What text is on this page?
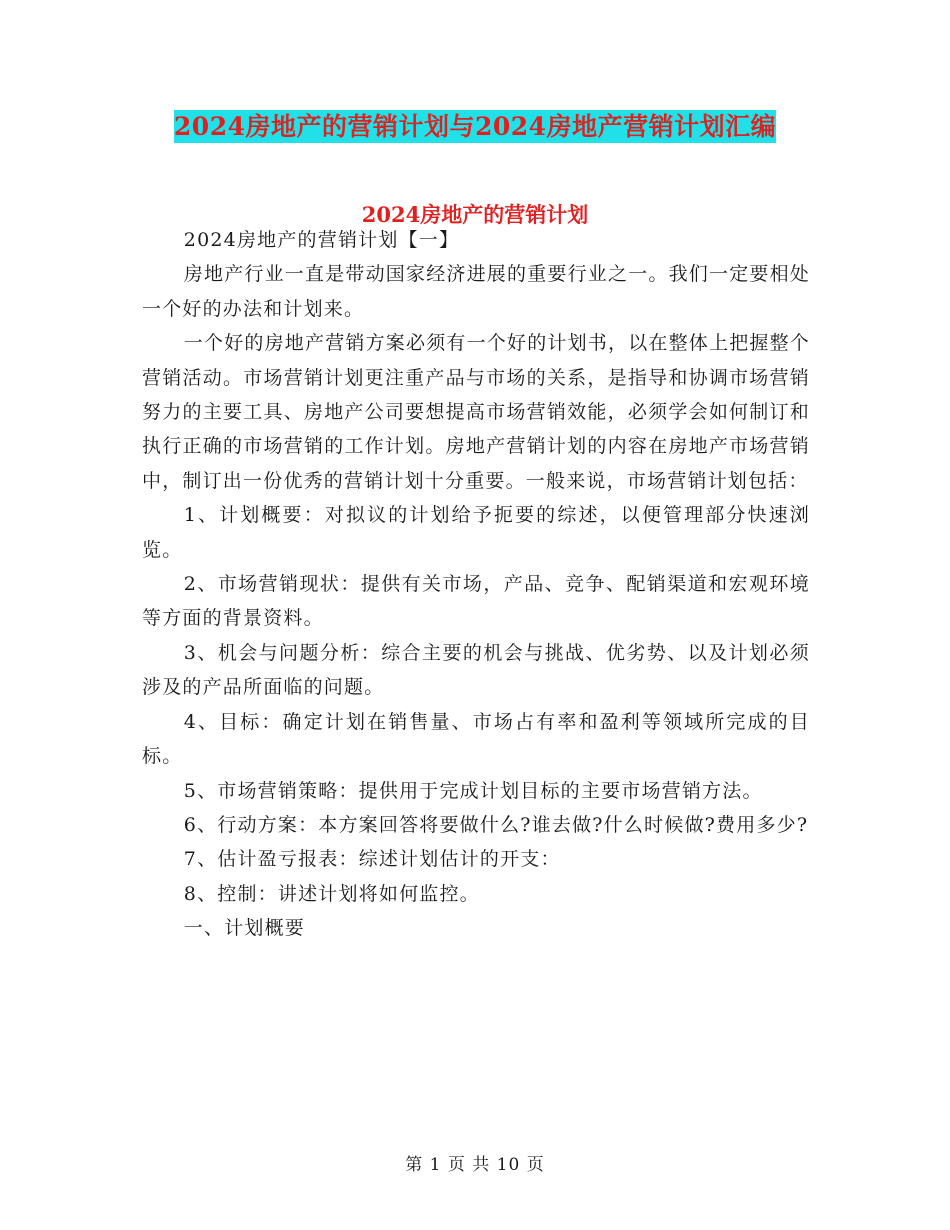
2024房地产的营销计划与2024房地产营销计划汇编
2024房地产的营销计划

2024房地产的营销计划【一】

房地产行业一直是带动国家经济进展的重要行业之一。我们一定要相处一个好的办法和计划来。

一个好的房地产营销方案必须有一个好的计划书，以在整体上把握整个营销活动。市场营销计划更注重产品与市场的关系，是指导和协调市场营销努力的主要工具、房地产公司要想提高市场营销效能，必须学会如何制订和执行正确的市场营销的工作计划。房地产营销计划的内容在房地产市场营销中，制订出一份优秀的营销计划十分重要。一般来说，市场营销计划包括：

1、计划概要：对拟议的计划给予扼要的综述，以便管理部分快速浏览。

2、市场营销现状：提供有关市场，产品、竞争、配销渠道和宏观环境等方面的背景资料。

3、机会与问题分析：综合主要的机会与挑战、优劣势、以及计划必须涉及的产品所面临的问题。

4、目标：确定计划在销售量、市场占有率和盈利等领域所完成的目标。

5、市场营销策略：提供用于完成计划目标的主要市场营销方法。

6、行动方案：本方案回答将要做什么?谁去做?什么时候做?费用多少?

7、估计盈亏报表：综述计划估计的开支：

8、控制：讲述计划将如何监控。

一、计划概要

第 1 页 共 10 页
